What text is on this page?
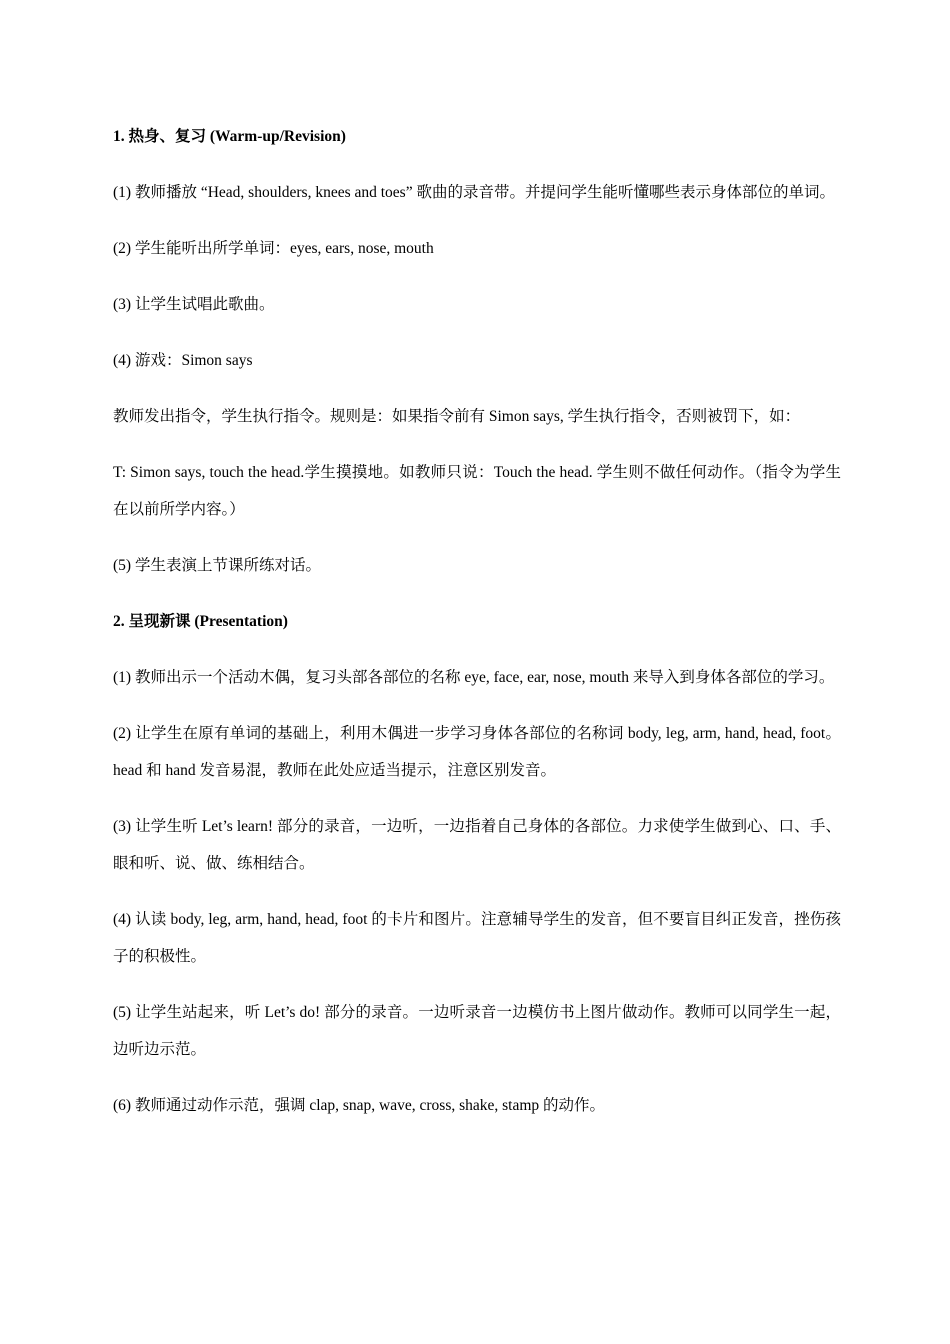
1. 热身、复习 (Warm-up/Revision)

(1) 教师播放 “Head, shoulders, knees and toes” 歌曲的录音带。并提问学生能听懂哪些表示身体部位的单词。

(2) 学生能听出所学单词：eyes, ears, nose, mouth

(3) 让学生试唱此歌曲。

(4) 游戏：Simon says

教师发出指令，学生执行指令。规则是：如果指令前有 Simon says, 学生执行指令，否则被罚下，如：

T: Simon says, touch the head.学生摸摸地。如教师只说：Touch the head. 学生则不做任何动作。（指令为学生在以前所学内容。）

(5) 学生表演上节课所练对话。

2. 呈现新课 (Presentation)

(1) 教师出示一个活动木偶，复习头部各部位的名称 eye, face, ear, nose, mouth 来导入到身体各部位的学习。

(2) 让学生在原有单词的基础上，利用木偶进一步学习身体各部位的名称词 body, leg, arm, hand, head, foot。head 和 hand 发音易混，教师在此处应适当提示，注意区别发音。

(3) 让学生听 Let’s learn! 部分的录音，一边听，一边指着自己身体的各部位。力求使学生做到心、口、手、眼和听、说、做、练相结合。

(4) 认读 body, leg, arm, hand, head, foot 的卡片和图片。注意辅导学生的发音，但不要盲目纠正发音，挫伤孩子的积极性。

(5) 让学生站起来，听 Let’s do! 部分的录音。一边听录音一边模仿书上图片做动作。教师可以同学生一起，边听边示范。

(6) 教师通过动作示范，强调 clap, snap, wave, cross, shake, stamp 的动作。
